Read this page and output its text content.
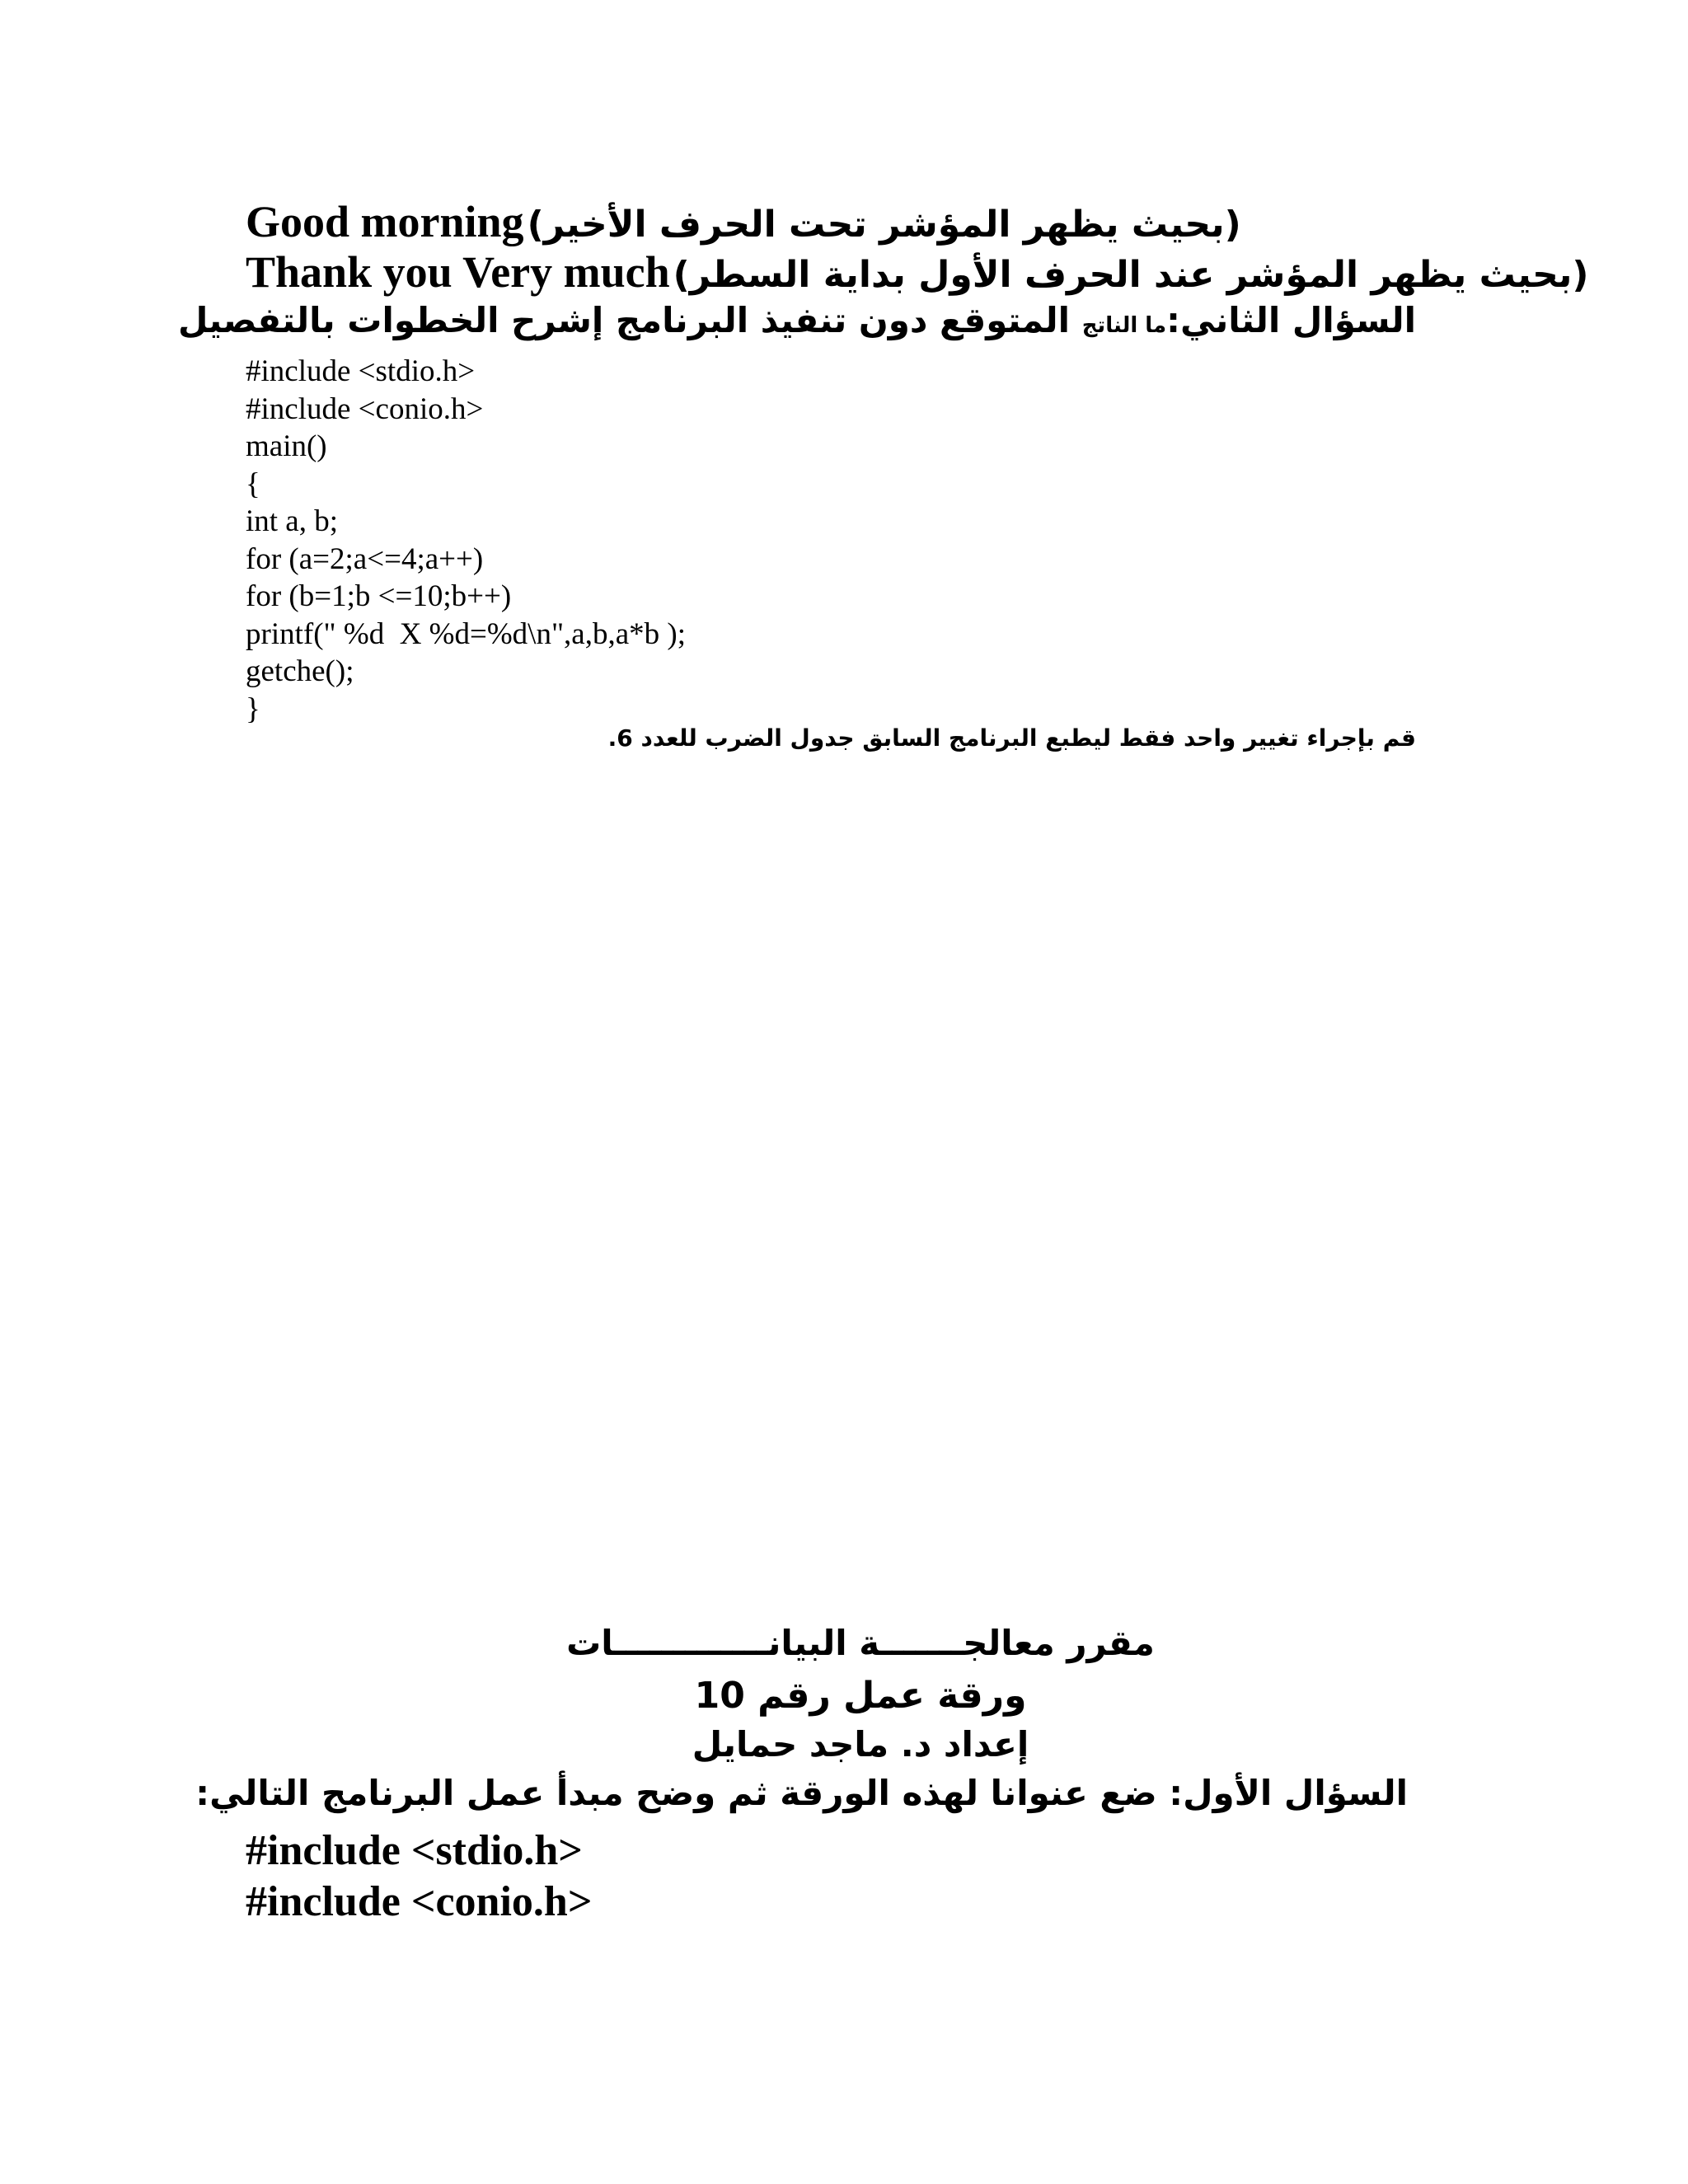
Good morning (بحيث يظهر المؤشر تحت الحرف الأخير)
Thank you Very much (بحيث يظهر المؤشر عند الحرف الأول بداية السطر)
السؤال الثاني:ما الناتج المتوقع دون تنفيذ البرنامج إشرح الخطوات بالتفصيل
#include <stdio.h>
#include <conio.h>
main()
{
int a, b;
for (a=2;a<=4;a++)
for (b=1;b <=10;b++)
printf(" %d  X %d=%d\n",a,b,a*b );
getche();
}
قم بإجراء تغيير واحد فقط ليطبع البرنامج السابق جدول الضرب للعدد 6.
مقرر معالجـــــــة البيانـــــــــــــات
ورقة عمل رقم 10
إعداد د. ماجد حمايل
السؤال الأول: ضع عنوانا لهذه الورقة ثم وضح مبدأ عمل البرنامج التالي:
#include <stdio.h>
#include <conio.h>
